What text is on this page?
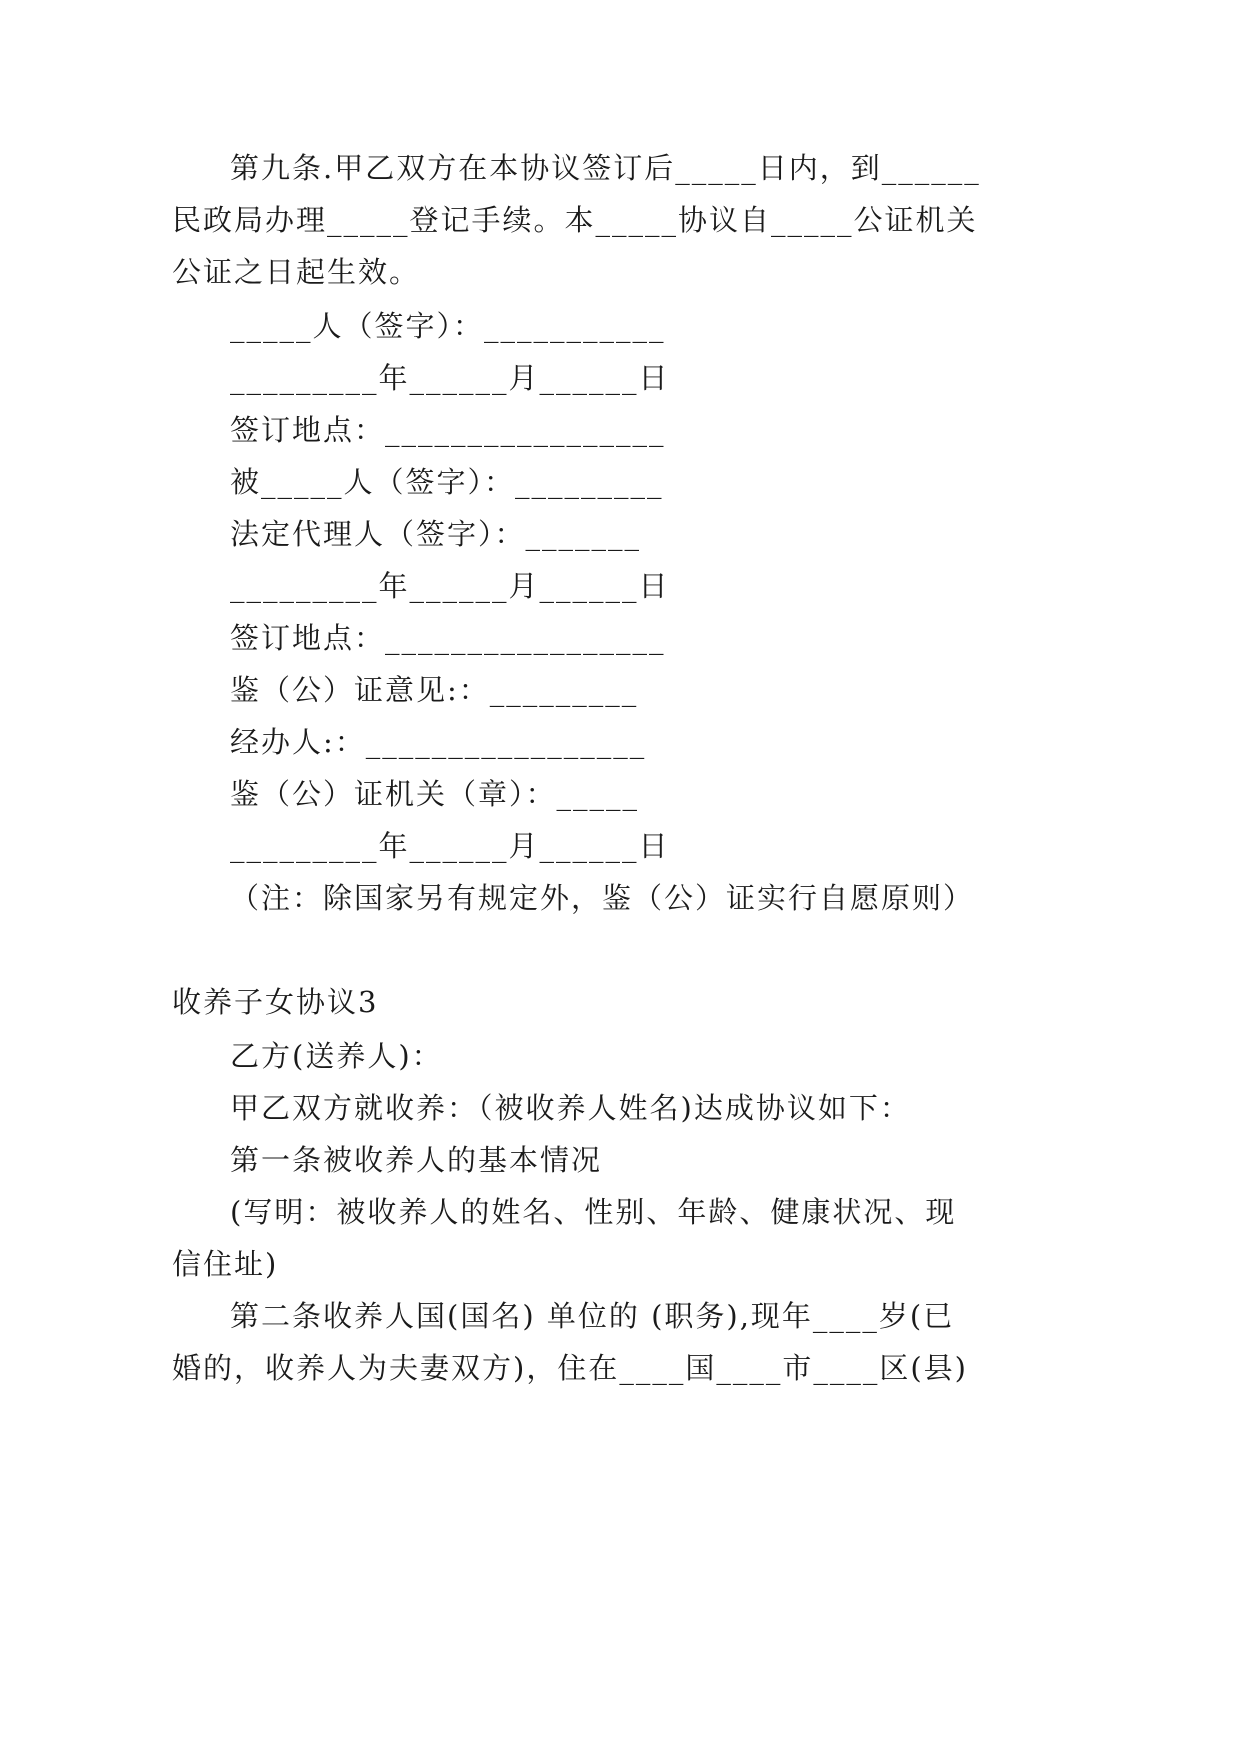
第九条.甲乙双方在本协议签订后_____日内，到______
民政局办理_____登记手续。本_____协议自_____公证机关
公证之日起生效。
_____人（签字）：___________
_________年______月______日
签订地点：_________________
被_____人（签字）：_________
法定代理人（签字）：_______
_________年______月______日
签订地点：_________________
鉴（公）证意见:：_________
经办人:：_________________
鉴（公）证机关（章）：_____
_________年______月______日
（注：除国家另有规定外，鉴（公）证实行自愿原则）
收养子女协议3
乙方(送养人)：
甲乙双方就收养：（被收养人姓名)达成协议如下：
第一条被收养人的基本情况
(写明：被收养人的姓名、性别、年龄、健康状况、现
信住址)
第二条收养人国(国名) 单位的 (职务),现年____岁(已
婚的，收养人为夫妻双方)，住在____国____市____区(县)
